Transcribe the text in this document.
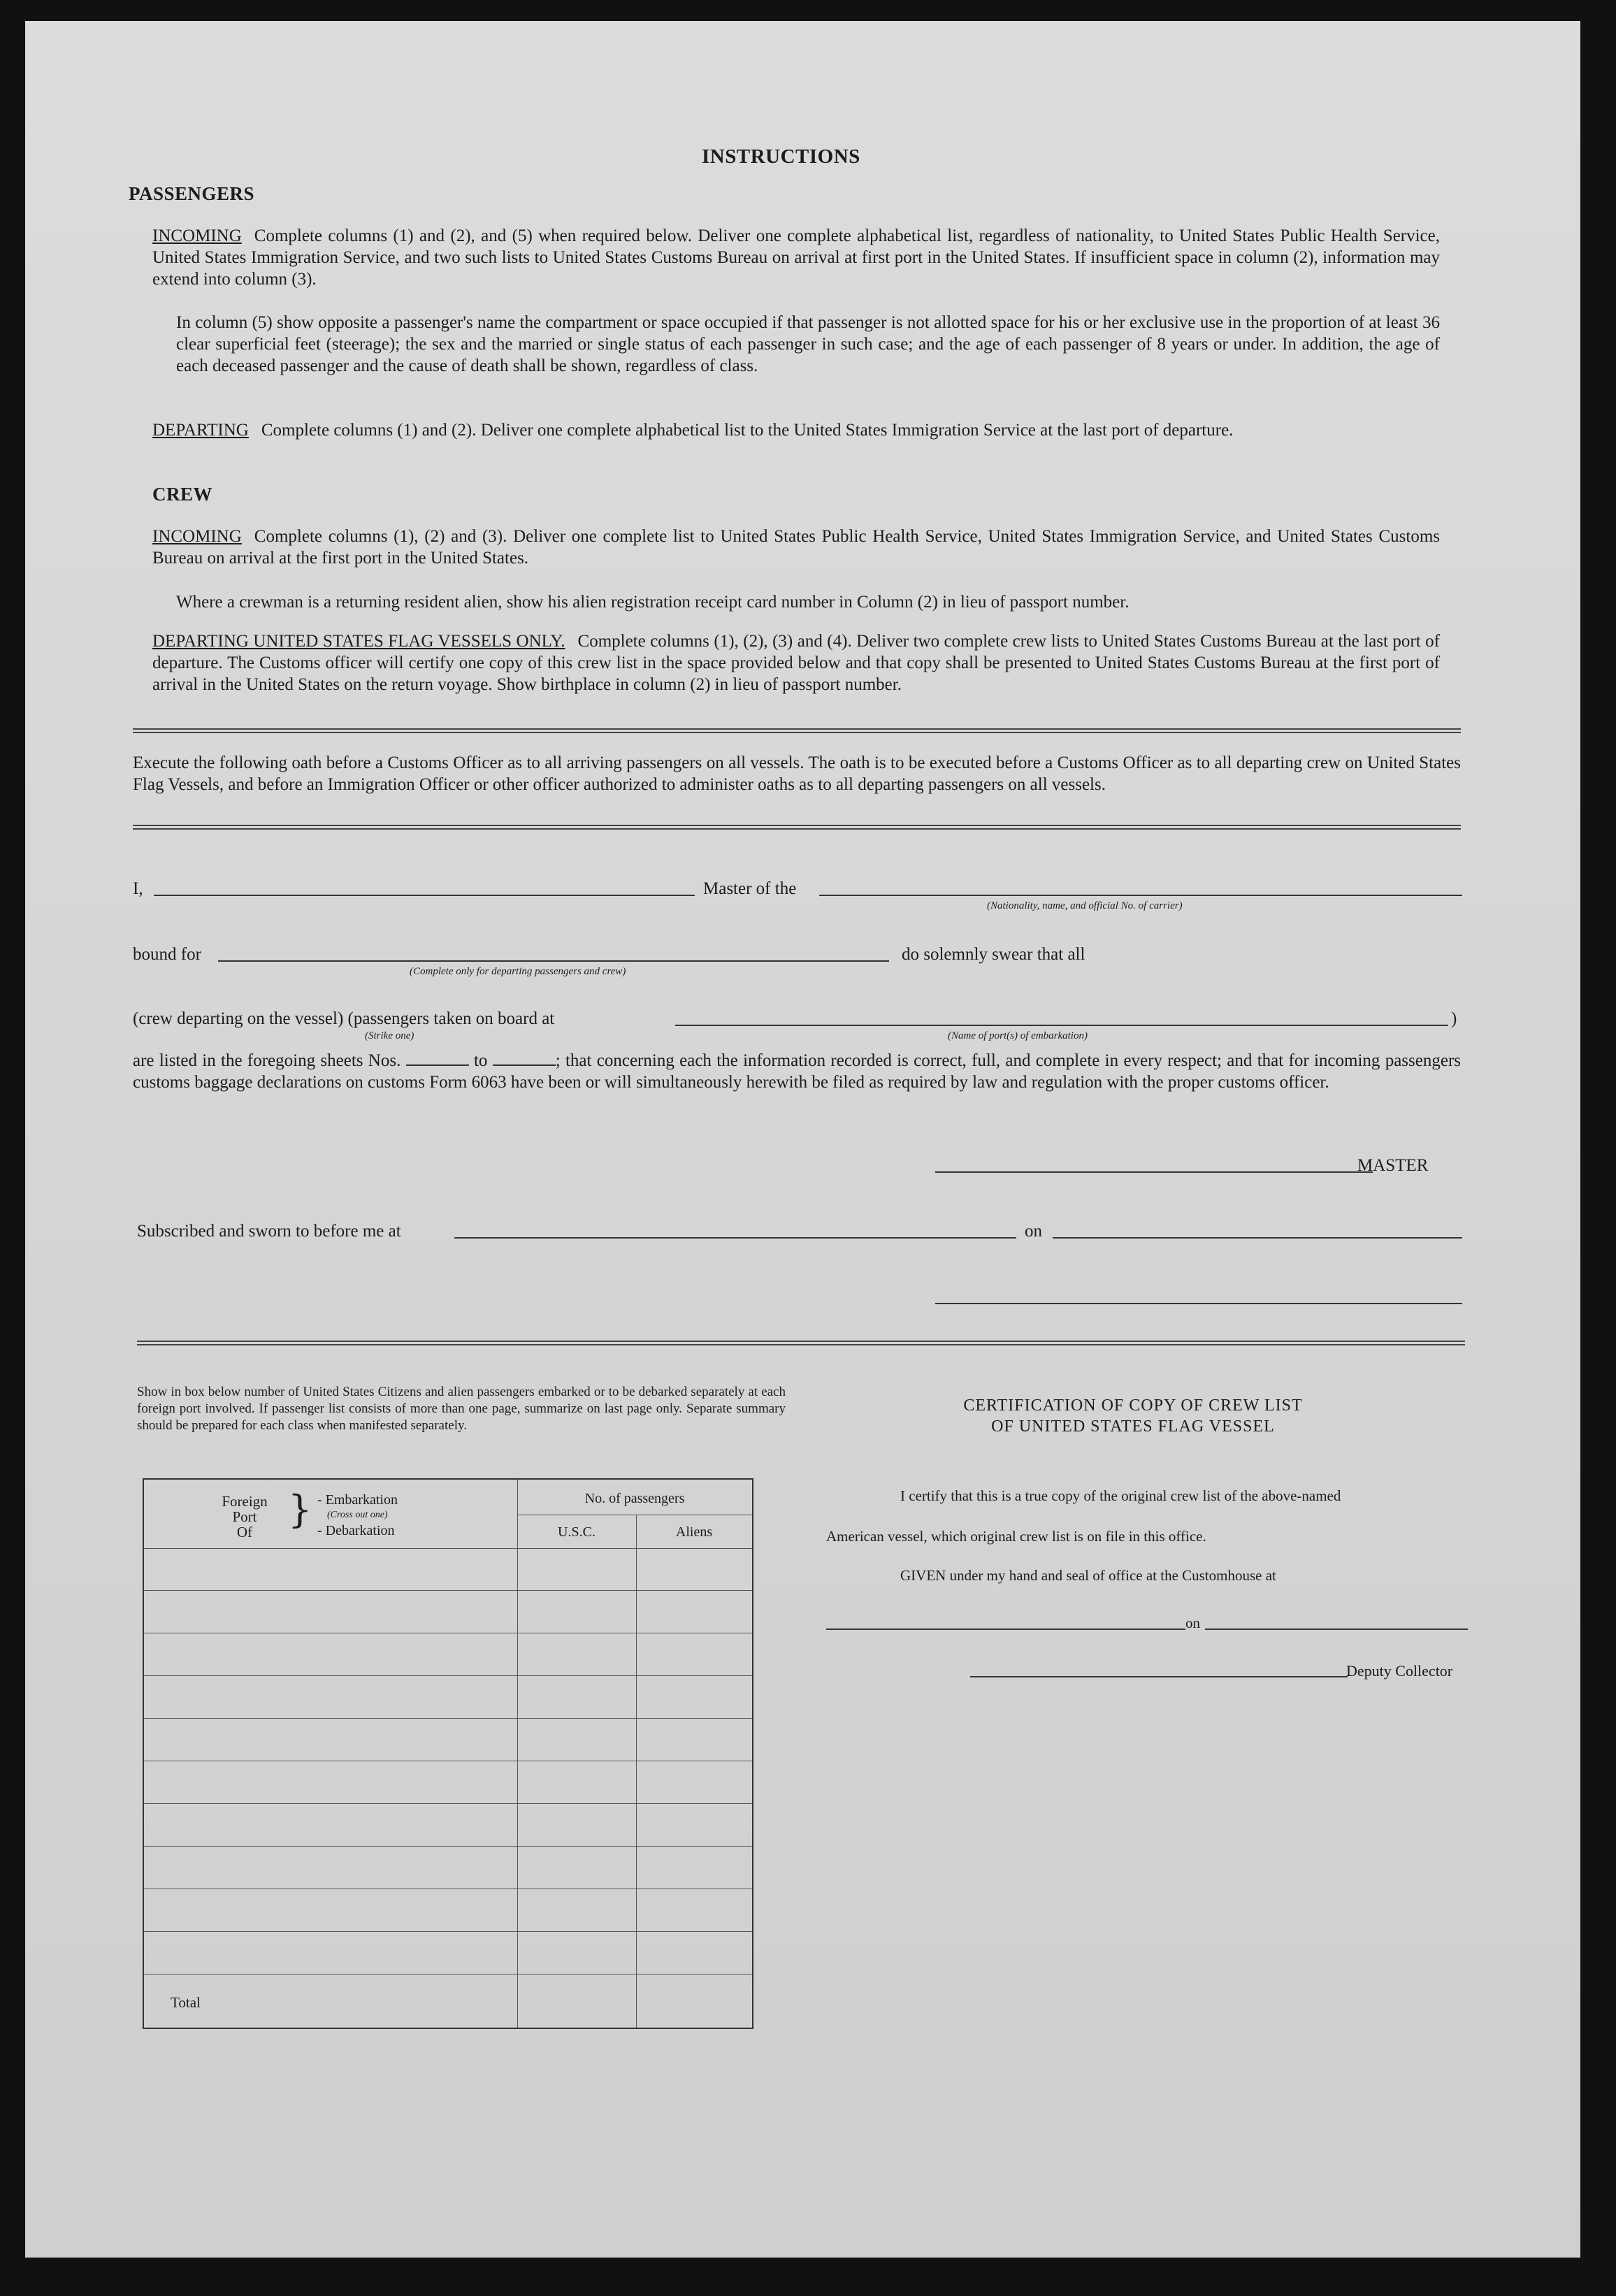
INSTRUCTIONS
PASSENGERS
INCOMING Complete columns (1) and (2), and (5) when required below. Deliver one complete alphabetical list, regardless of nationality, to United States Public Health Service, United States Immigration Service, and two such lists to United States Customs Bureau on arrival at first port in the United States. If insufficient space in column (2), information may extend into column (3).
In column (5) show opposite a passenger's name the compartment or space occupied if that passenger is not allotted space for his or her exclusive use in the proportion of at least 36 clear superficial feet (steerage); the sex and the married or single status of each passenger in such case; and the age of each passenger of 8 years or under. In addition, the age of each deceased passenger and the cause of death shall be shown, regardless of class.
DEPARTING Complete columns (1) and (2). Deliver one complete alphabetical list to the United States Immigration Service at the last port of departure.
CREW
INCOMING Complete columns (1), (2) and (3). Deliver one complete list to United States Public Health Service, United States Immigration Service, and United States Customs Bureau on arrival at the first port in the United States.
Where a crewman is a returning resident alien, show his alien registration receipt card number in Column (2) in lieu of passport number.
DEPARTING UNITED STATES FLAG VESSELS ONLY. Complete columns (1), (2), (3) and (4). Deliver two complete crew lists to United States Customs Bureau at the last port of departure. The Customs officer will certify one copy of this crew list in the space provided below and that copy shall be presented to United States Customs Bureau at the first port of arrival in the United States on the return voyage. Show birthplace in column (2) in lieu of passport number.
Execute the following oath before a Customs Officer as to all arriving passengers on all vessels. The oath is to be executed before a Customs Officer as to all departing crew on United States Flag Vessels, and before an Immigration Officer or other officer authorized to administer oaths as to all departing passengers on all vessels.
I,	Master of the
(Nationality, name, and official No. of carrier)
bound for
(Complete only for departing passengers and crew)
do solemnly swear that all
(crew departing on the vessel) (passengers taken on board at
(Strike one)	(Name of port(s) of embarkation)
)
are listed in the foregoing sheets Nos.	to	; that concerning each the information recorded is correct, full, and complete in every respect; and that for incoming passengers customs baggage declarations on customs Form 6063 have been or will simultaneously herewith be filed as required by law and regulation with the proper customs officer.
MASTER
Subscribed and sworn to before me at	on
Show in box below number of United States Citizens and alien passengers embarked or to be debarked separately at each foreign port involved. If passenger list consists of more than one page, summarize on last page only. Separate summary should be prepared for each class when manifested separately.
Foreign
Port
Of
} - Embarkation
(Cross out one)
- Debarkation
No. of passengers
U.S.C.	Aliens
Total
CERTIFICATION OF COPY OF CREW LIST
OF UNITED STATES FLAG VESSEL
I certify that this is a true copy of the original crew list of the above-named
American vessel, which original crew list is on file in this office.
GIVEN under my hand and seal of office at the Customhouse at
on
Deputy Collector
